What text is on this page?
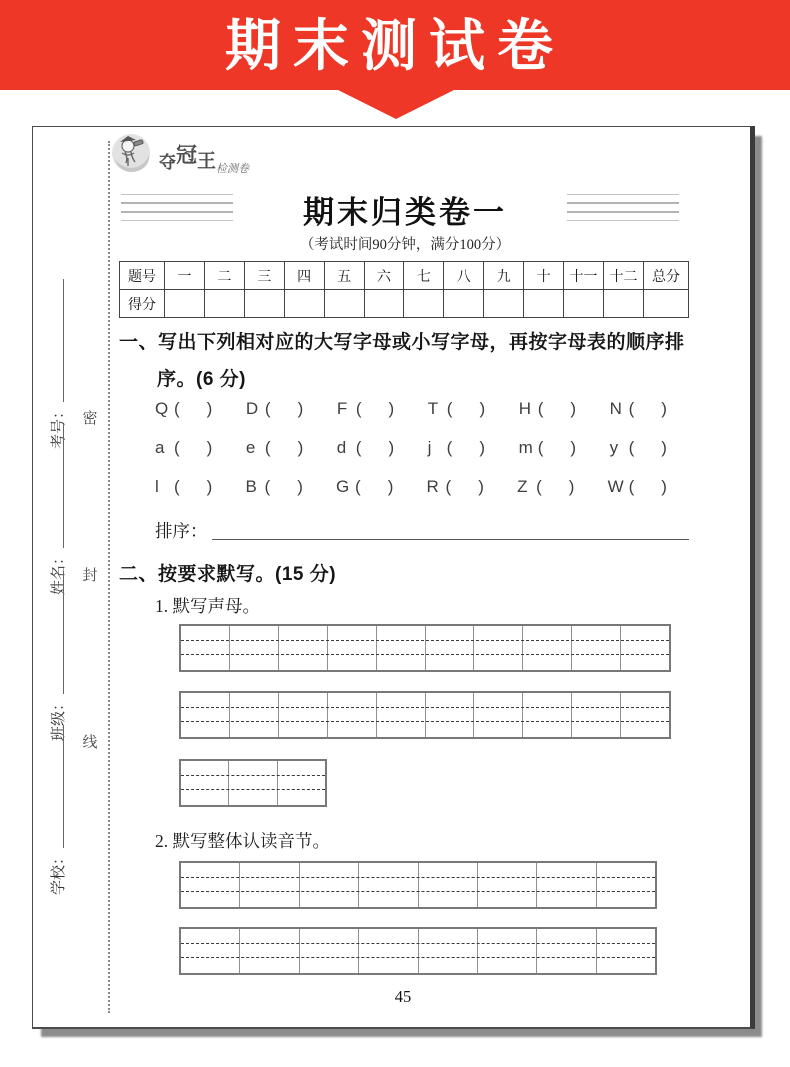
期末测试卷
密
封
线
考号：
姓名：
班级：
学校：
夺冠王$_{检测卷}$
期末归类卷一
（考试时间90分钟，满分100分）
题号	一	二	三	四	五	六	七	八	九	十	十一	十二	总分
得分													
一、写出下列相对应的大写字母或小写字母，再按字母表的顺序排
序。(6 分)
Q ( ) D ( ) F ( ) T ( ) H ( ) N ( )
a ( ) e ( ) d ( ) j ( ) m ( ) y ( )
l ( ) B ( ) G ( ) R ( ) Z ( ) W ( )
排序：
二、按要求默写。(15 分)
1. 默写声母。
2. 默写整体认读音节。
45
